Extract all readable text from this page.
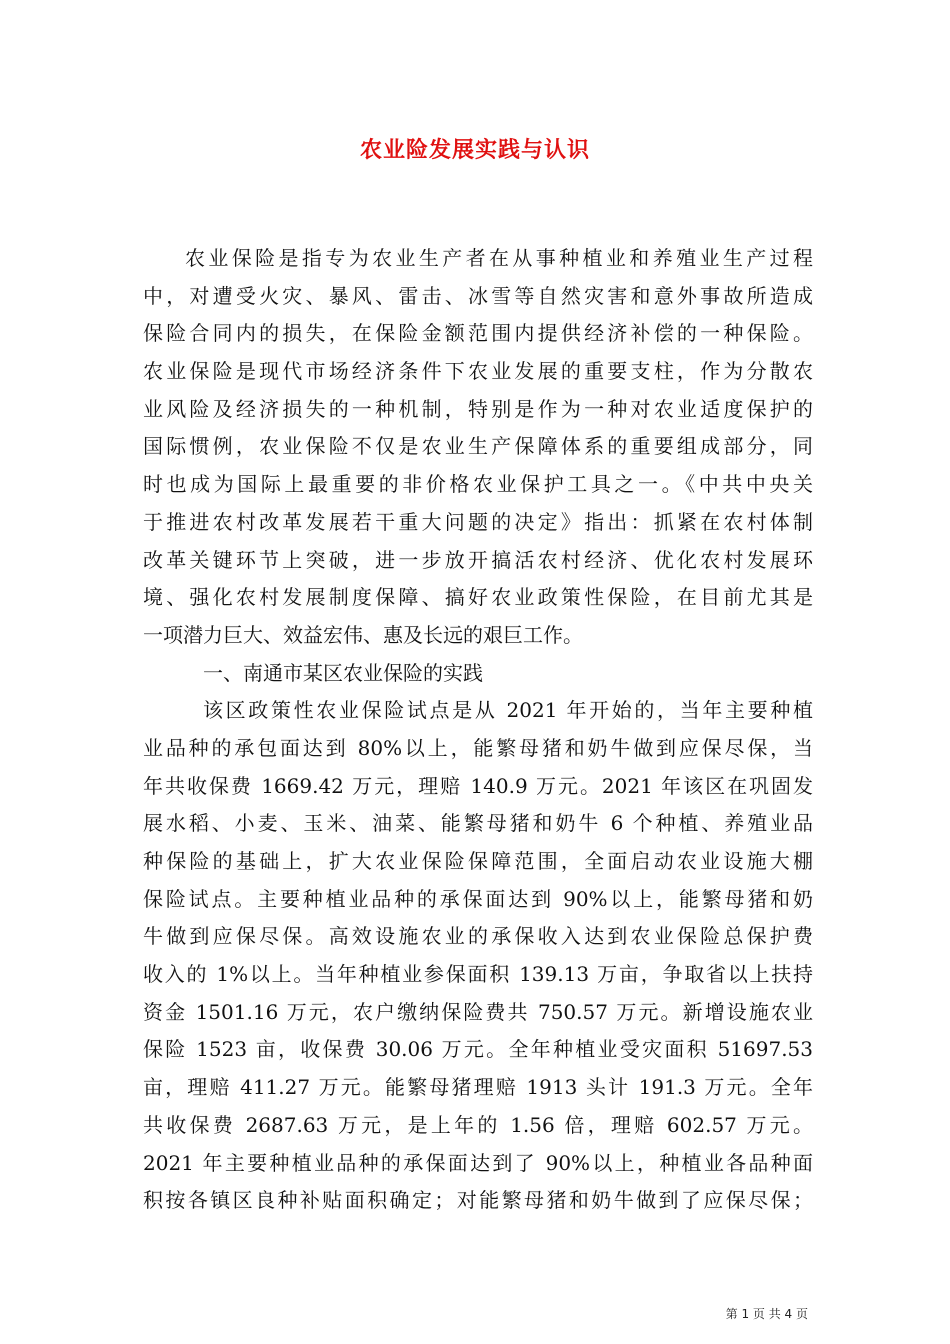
农业险发展实践与认识
农业保险是指专为农业生产者在从事种植业和养殖业生产过程
中，对遭受火灾、暴风、雷击、冰雪等自然灾害和意外事故所造成
保险合同内的损失，在保险金额范围内提供经济补偿的一种保险。
农业保险是现代市场经济条件下农业发展的重要支柱，作为分散农
业风险及经济损失的一种机制，特别是作为一种对农业适度保护的
国际惯例，农业保险不仅是农业生产保障体系的重要组成部分，同
时也成为国际上最重要的非价格农业保护工具之一。《中共中央关
于推进农村改革发展若干重大问题的决定》指出：抓紧在农村体制
改革关键环节上突破，进一步放开搞活农村经济、优化农村发展环
境、强化农村发展制度保障、搞好农业政策性保险，在目前尤其是
一项潜力巨大、效益宏伟、惠及长远的艰巨工作。
一、南通市某区农业保险的实践
该区政策性农业保险试点是从 2021 年开始的，当年主要种植
业品种的承包面达到 80%以上，能繁母猪和奶牛做到应保尽保，当
年共收保费 1669.42 万元，理赔 140.9 万元。2021 年该区在巩固发
展水稻、小麦、玉米、油菜、能繁母猪和奶牛 6 个种植、养殖业品
种保险的基础上，扩大农业保险保障范围，全面启动农业设施大棚
保险试点。主要种植业品种的承保面达到 90%以上，能繁母猪和奶
牛做到应保尽保。高效设施农业的承保收入达到农业保险总保护费
收入的 1%以上。当年种植业参保面积 139.13 万亩，争取省以上扶持
资金 1501.16 万元，农户缴纳保险费共 750.57 万元。新增设施农业
保险 1523 亩，收保费 30.06 万元。全年种植业受灾面积 51697.53
亩，理赔 411.27 万元。能繁母猪理赔 1913 头计 191.3 万元。全年
共收保费 2687.63 万元，是上年的 1.56 倍，理赔 602.57 万元。
2021 年主要种植业品种的承保面达到了 90%以上，种植业各品种面
积按各镇区良种补贴面积确定；对能繁母猪和奶牛做到了应保尽保；
第 1 页 共 4 页
